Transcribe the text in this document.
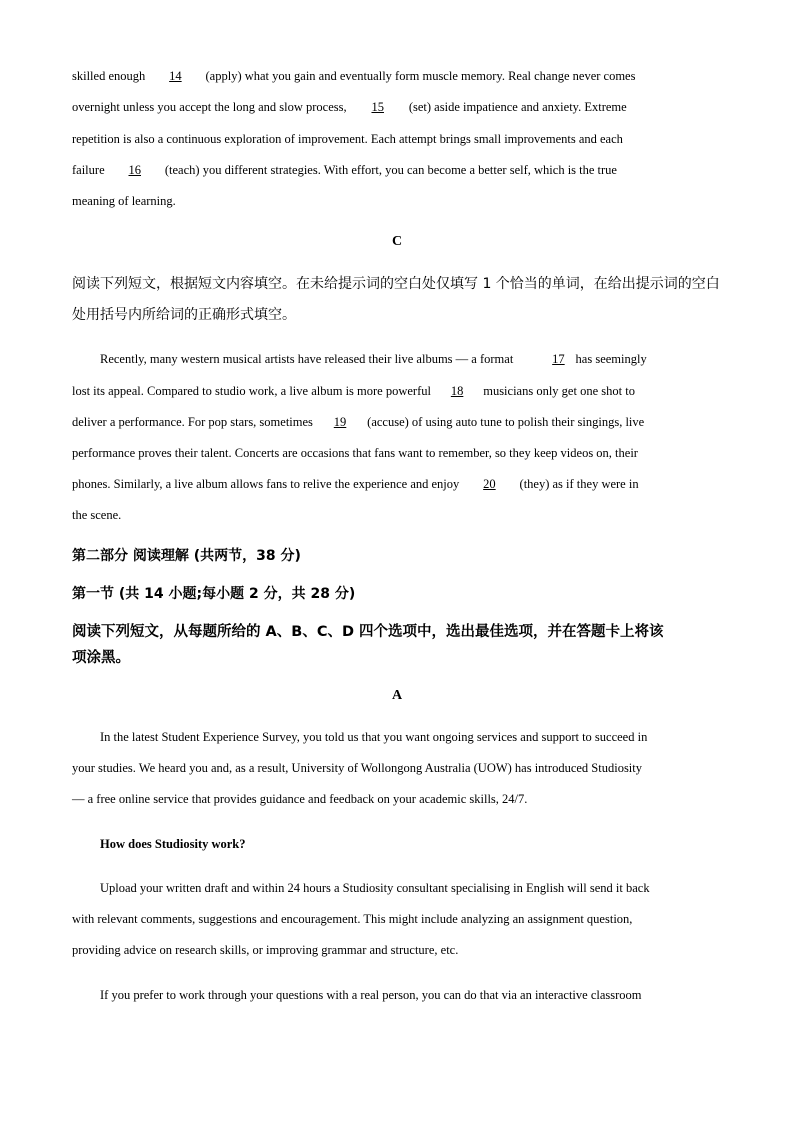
skilled enough 14 (apply) what you gain and eventually form muscle memory. Real change never comes

overnight unless you accept the long and slow process, 15 (set) aside impatience and anxiety. Extreme

repetition is also a continuous exploration of improvement. Each attempt brings small improvements and each

failure 16 (teach) you different strategies. With effort, you can become a better self, which is the true

meaning of learning.

C

阅读下列短文，根据短文内容填空。在未给提示词的空白处仅填写 1 个恰当的单词，在给出提示词的空白

处用括号内所给词的正确形式填空。

Recently, many western musical artists have released their live albums — a format	17 has seemingly

lost its appeal. Compared to studio work, a live album is more powerful 18 musicians only get one shot to

deliver a performance. For pop stars, sometimes 19 (accuse) of using auto tune to polish their singings, live

performance proves their talent. Concerts are occasions that fans want to remember, so they keep videos on, their

phones. Similarly, a live album allows fans to relive the experience and enjoy 20 (they) as if they were in

the scene.

第二部分 阅读理解 (共两节，38 分)

第一节 (共 14 小题;每小题 2 分，共 28 分)

阅读下列短文，从每题所给的 A、B、C、D 四个选项中，选出最佳选项，并在答题卡上将该

项涂黑。

A

In the latest Student Experience Survey, you told us that you want ongoing services and support to succeed in

your studies. We heard you and, as a result, University of Wollongong Australia (UOW) has introduced Studiosity

— a free online service that provides guidance and feedback on your academic skills, 24/7.

How does Studiosity work?

Upload your written draft and within 24 hours a Studiosity consultant specialising in English will send it back

with relevant comments, suggestions and encouragement. This might include analyzing an assignment question,

providing advice on research skills, or improving grammar and structure, etc.

If you prefer to work through your questions with a real person, you can do that via an interactive classroom
